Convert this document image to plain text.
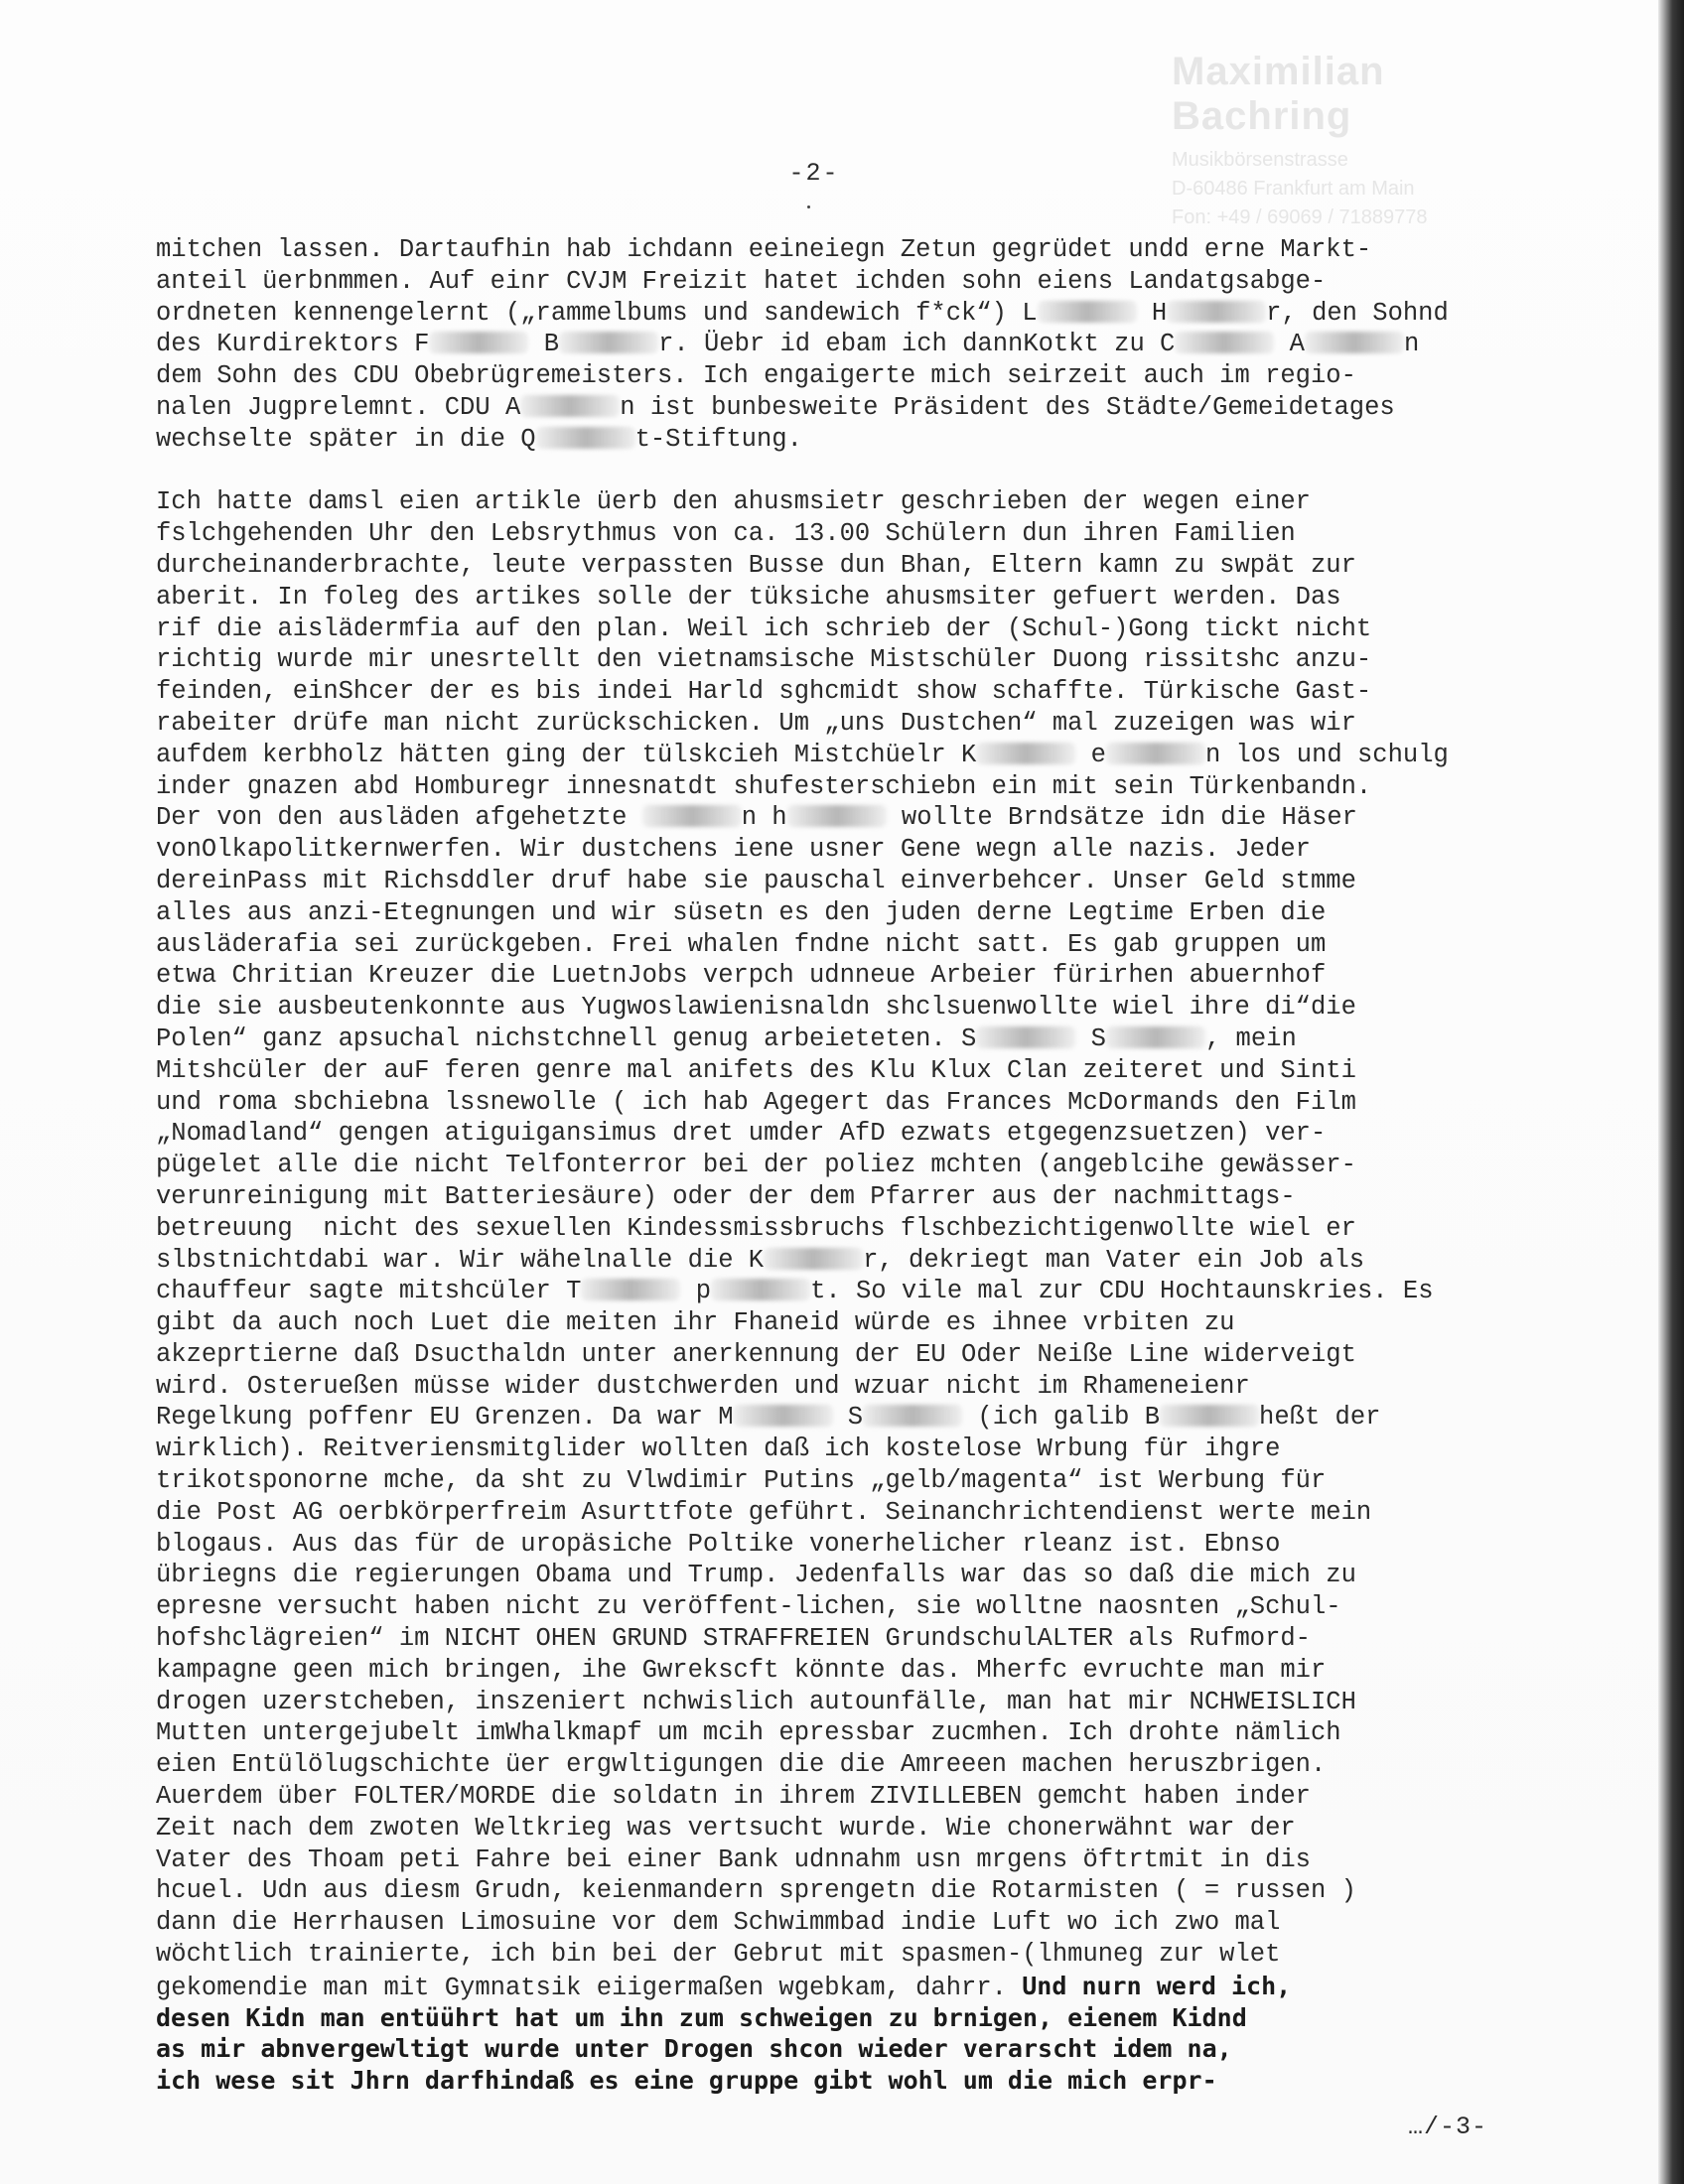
Maximilian Bachring
Musikbörsenstrasse
D-60486 Frankfurt am Main
Fon: +49 / 69069 / 71889778
-2-
mitchen lassen. Dartaufhin hab ichdann eeineiegn Zetun gegrüdet undd erne Markt-
anteil üerbnmmen. Auf einr CVJM Freizit hatet ichden sohn eiens Landatgsabge-
ordneten kennengelernt („rammelbums und sandewich f*ck“) L	H	r, den Sohnd
des Kurdirektors F	B	r. Üebr id ebam ich dannKotkt zu C	A	n
dem Sohn des CDU Obebrügremeisters. Ich engaigerte mich seirzeit auch im regio-
nalen Jugprelemnt. CDU A	n ist bunbesweite Präsident des Städte/Gemeidetages
wechselte später in die Q	t-Stiftung.
Ich hatte damsl eien artikle üerb den ahusmsietr geschrieben der wegen einer
fslchgehenden Uhr den Lebsrythmus von ca. 13.00 Schülern dun ihren Familien
durcheinanderbrachte, leute verpassten Busse dun Bhan, Eltern kamn zu swpät zur
aberit. In foleg des artikes solle der tüksiche ahusmsiter gefuert werden. Das
rif die aislädermfia auf den plan. Weil ich schrieb der (Schul-)Gong tickt nicht
richtig wurde mir unesrtellt den vietnamsische Mistschüler Duong rissitshc anzu-
feinden, einShcer der es bis indei Harld sghcmidt show schaffte. Türkische Gast-
rabeiter drüfe man nicht zurückschicken. Um „uns Dustchen“ mal zuzeigen was wir
aufdem kerbholz hätten ging der tülskcieh Mistchüelr K	e	n los und schulg
inder gnazen abd Homburegr innesnatdt shufesterschiebn ein mit sein Türkenbandn.
Der von den ausläden afgehetzte	n h	wollte Brndsätze idn die Häser
vonOlkapolitkernwerfen. Wir dustchens iene usner Gene wegn alle nazis. Jeder
dereinPass mit Richsddler druf habe sie pauschal einverbehcer. Unser Geld stmme
alles aus anzi-Etegnungen und wir süsetn es den juden derne Legtime Erben die
ausläderafia sei zurückgeben. Frei whalen fndne nicht satt. Es gab gruppen um
etwa Chritian Kreuzer die LuetnJobs verpch udnneue Arbeier fürirhen abuernhof
die sie ausbeutenkonnte aus Yugwoslawienisnaldn shclsuenwollte wiel ihre di“die
Polen“ ganz apsuchal nichstchnell genug arbeieteten. S	S	, mein
Mitshcüler der auF feren genre mal anifets des Klu Klux Clan zeiteret und Sinti
und roma sbchiebna lssnewolle ( ich hab Agegert das Frances McDormands den Film
„Nomadland“ gengen atiguigansimus dret umder AfD ezwats etgegenzsuetzen) ver-
pügelet alle die nicht Telfonterror bei der poliez mchten (angeblcihe gewässer-
verunreinigung mit Batteriesäure) oder der dem Pfarrer aus der nachmittags-
betreuung  nicht des sexuellen Kindessmissbruchs flschbezichtigenwollte wiel er
slbstnichtdabi war. Wir wähelnalle die K	r, dekriegt man Vater ein Job als
chauffeur sagte mitshcüler T	p	t. So vile mal zur CDU Hochtaunskries. Es
gibt da auch noch Luet die meiten ihr Fhaneid würde es ihnee vrbiten zu
akzeprtierne daß Dsucthaldn unter anerkennung der EU Oder Neiße Line widerveigt
wird. Osterueßen müsse wider dustchwerden und wzuar nicht im Rhameneienr
Regelkung poffenr EU Grenzen. Da war M	S	(ich galib B	heßt der
wirklich). Reitveriensmitglider wollten daß ich kostelose Wrbung für ihgre
trikotsponorne mche, da sht zu Vlwdimir Putins „gelb/magenta“ ist Werbung für
die Post AG oerbkörperfreim Asurttfote geführt. Seinanchrichtendienst werte mein
blogaus. Aus das für de uropäsiche Poltike vonerhelicher rleanz ist. Ebnso
übriegns die regierungen Obama und Trump. Jedenfalls war das so daß die mich zu
epresne versucht haben nicht zu veröffent-lichen, sie wolltne naosnten „Schul-
hofshclägreien“ im NICHT OHEN GRUND STRAFFREIEN GrundschulALTER als Rufmord-
kampagne geen mich bringen, ihe Gwrekscft könnte das. Mherfc evruchte man mir
drogen uzerstcheben, inszeniert nchwislich autounfälle, man hat mir NCHWEISLICH
Mutten untergejubelt imWhalkmapf um mcih epressbar zucmhen. Ich drohte nämlich
eien Entülölugschichte üer ergwltigungen die die Amreeen machen heruszbrigen.
Auerdem über FOLTER/MORDE die soldatn in ihrem ZIVILLEBEN gemcht haben inder
Zeit nach dem zwoten Weltkrieg was vertsucht wurde. Wie chonerwähnt war der
Vater des Thoam peti Fahre bei einer Bank udnnahm usn mrgens öftrtmit in dis
hcuel. Udn aus diesm Grudn, keienmandern sprengetn die Rotarmisten ( = russen )
dann die Herrhausen Limosuine vor dem Schwimmbad indie Luft wo ich zwo mal
wöchtlich trainierte, ich bin bei der Gebrut mit spasmen-(lhmuneg zur wlet
gekomendie man mit Gymnatsik eiigermaßen wgebkam, dahrr. Und nurn werd ich,
desen Kidn man entüührt hat um ihn zum schweigen zu brnigen, eienem Kidnd
as mir abnvergewltigt wurde unter Drogen shcon wieder verarscht idem na,
ich wese sit Jhrn darfhindaß es eine gruppe gibt wohl um die mich erpr-
…/-3-
